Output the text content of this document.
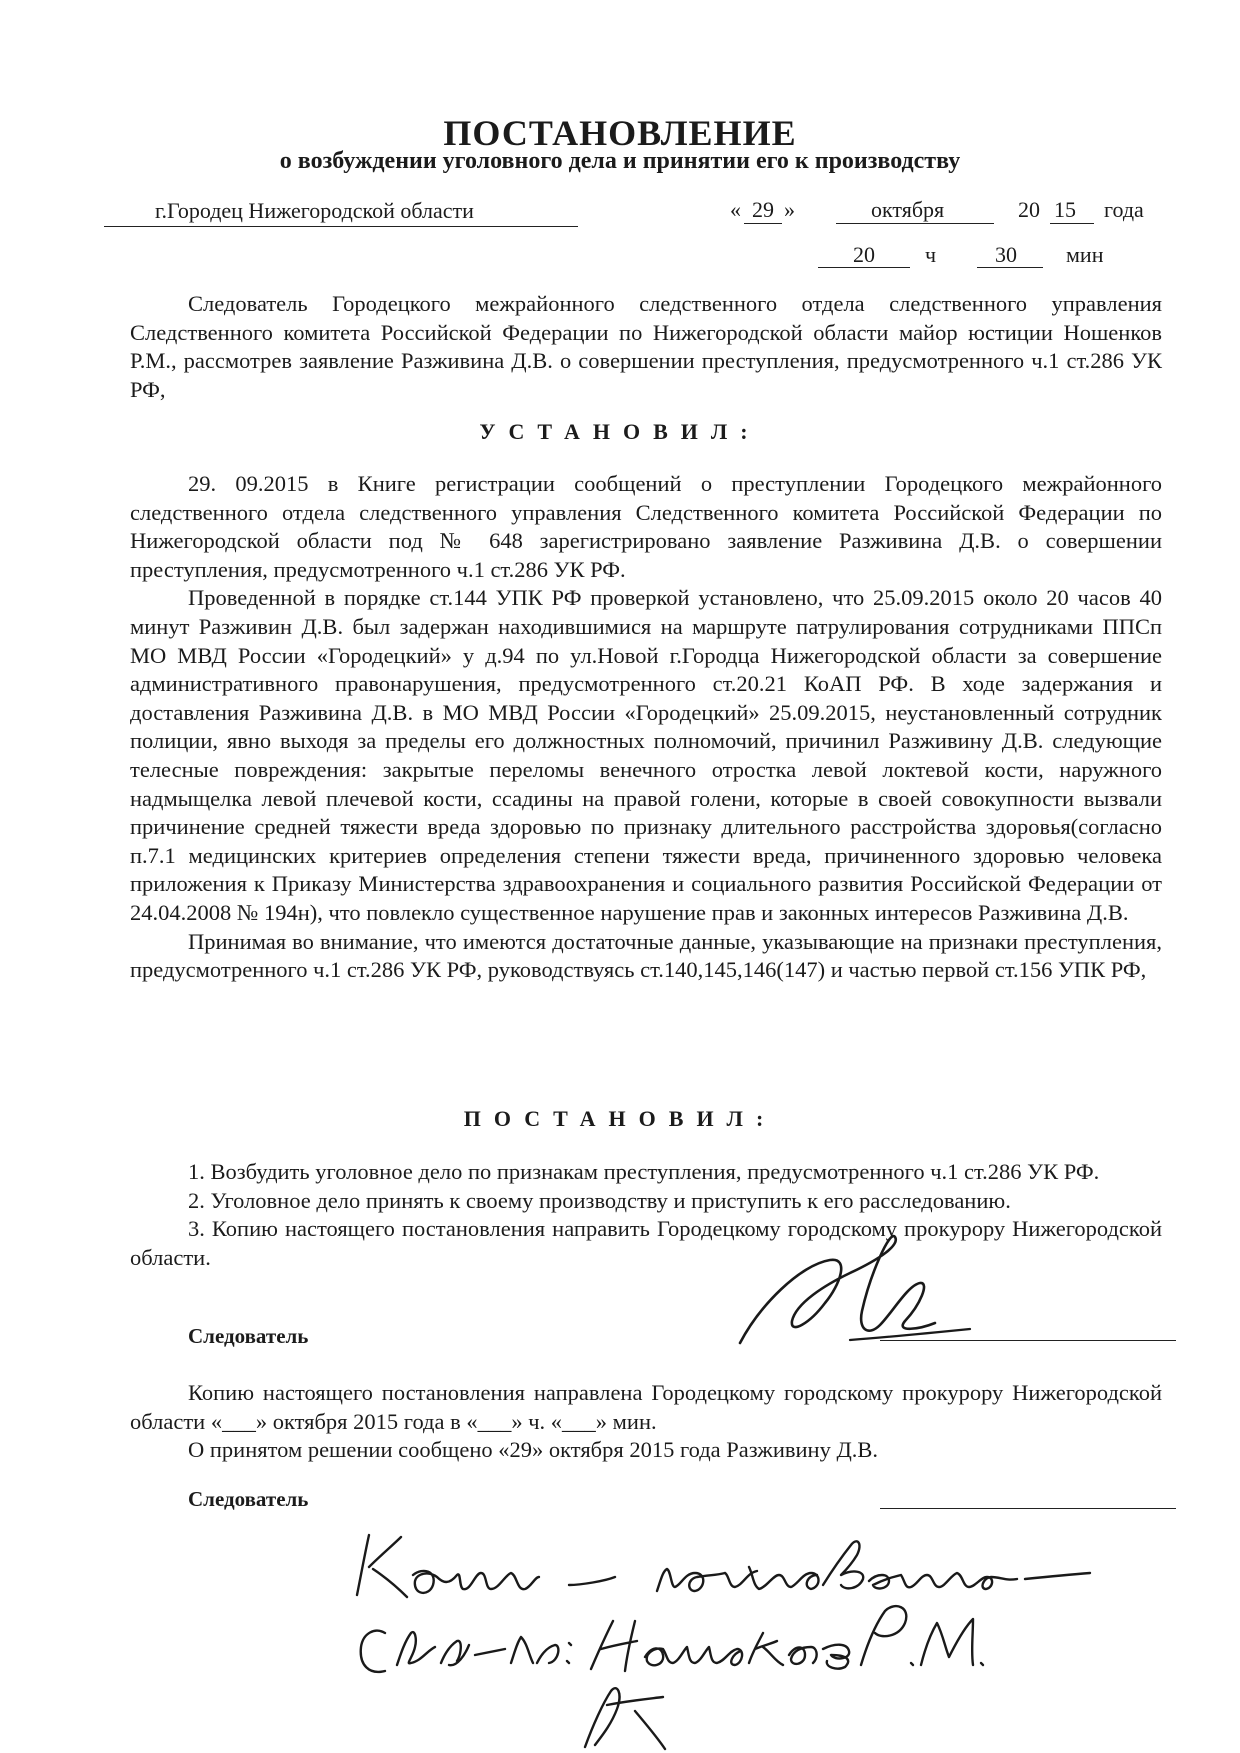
ПОСТАНОВЛЕНИЕ
о возбуждении уголовного дела и принятии его к производству
г.Городец Нижегородской области	« 29 »	октября	20 15 года
20 ч	30 мин

Следователь Городецкого межрайонного следственного отдела следственного управления Следственного комитета Российской Федерации по Нижегородской области майор юстиции Ношенков Р.М., рассмотрев заявление Разживина Д.В. о совершении преступления, предусмотренного ч.1 ст.286 УК РФ,

УСТАНОВИЛ:

29. 09.2015 в Книге регистрации сообщений о преступлении Городецкого межрайонного следственного отдела следственного управления Следственного комитета Российской Федерации по Нижегородской области под № 648 зарегистрировано заявление Разживина Д.В. о совершении преступления, предусмотренного ч.1 ст.286 УК РФ.

Проведенной в порядке ст.144 УПК РФ проверкой установлено, что 25.09.2015 около 20 часов 40 минут Разживин Д.В. был задержан находившимися на маршруте патрулирования сотрудниками ППСп МО МВД России «Городецкий» у д.94 по ул.Новой г.Городца Нижегородской области за совершение административного правонарушения, предусмотренного ст.20.21 КоАП РФ. В ходе задержания и доставления Разживина Д.В. в МО МВД России «Городецкий» 25.09.2015, неустановленный сотрудник полиции, явно выходя за пределы его должностных полномочий, причинил Разживину Д.В. следующие телесные повреждения: закрытые переломы венечного отростка левой локтевой кости, наружного надмыщелка левой плечевой кости, ссадины на правой голени, которые в своей совокупности вызвали причинение средней тяжести вреда здоровью по признаку длительного расстройства здоровья(согласно п.7.1 медицинских критериев определения степени тяжести вреда, причиненного здоровью человека приложения к Приказу Министерства здравоохранения и социального развития Российской Федерации от 24.04.2008 № 194н), что повлекло существенное нарушение прав и законных интересов Разживина Д.В.

Принимая во внимание, что имеются достаточные данные, указывающие на признаки преступления, предусмотренного ч.1 ст.286 УК РФ, руководствуясь ст.140,145,146(147) и частью первой ст.156 УПК РФ,

ПОСТАНОВИЛ:

1. Возбудить уголовное дело по признакам преступления, предусмотренного ч.1 ст.286 УК РФ.

2. Уголовное дело принять к своему производству и приступить к его расследованию.

3. Копию настоящего постановления направить Городецкому городскому прокурору Нижегородской области.

Следователь

Копию настоящего постановления направлена Городецкому городскому прокурору Нижегородской области «___» октября 2015 года в «___» ч. «___» мин.

О принятом решении сообщено «29» октября 2015 года Разживину Д.В.

Следователь
